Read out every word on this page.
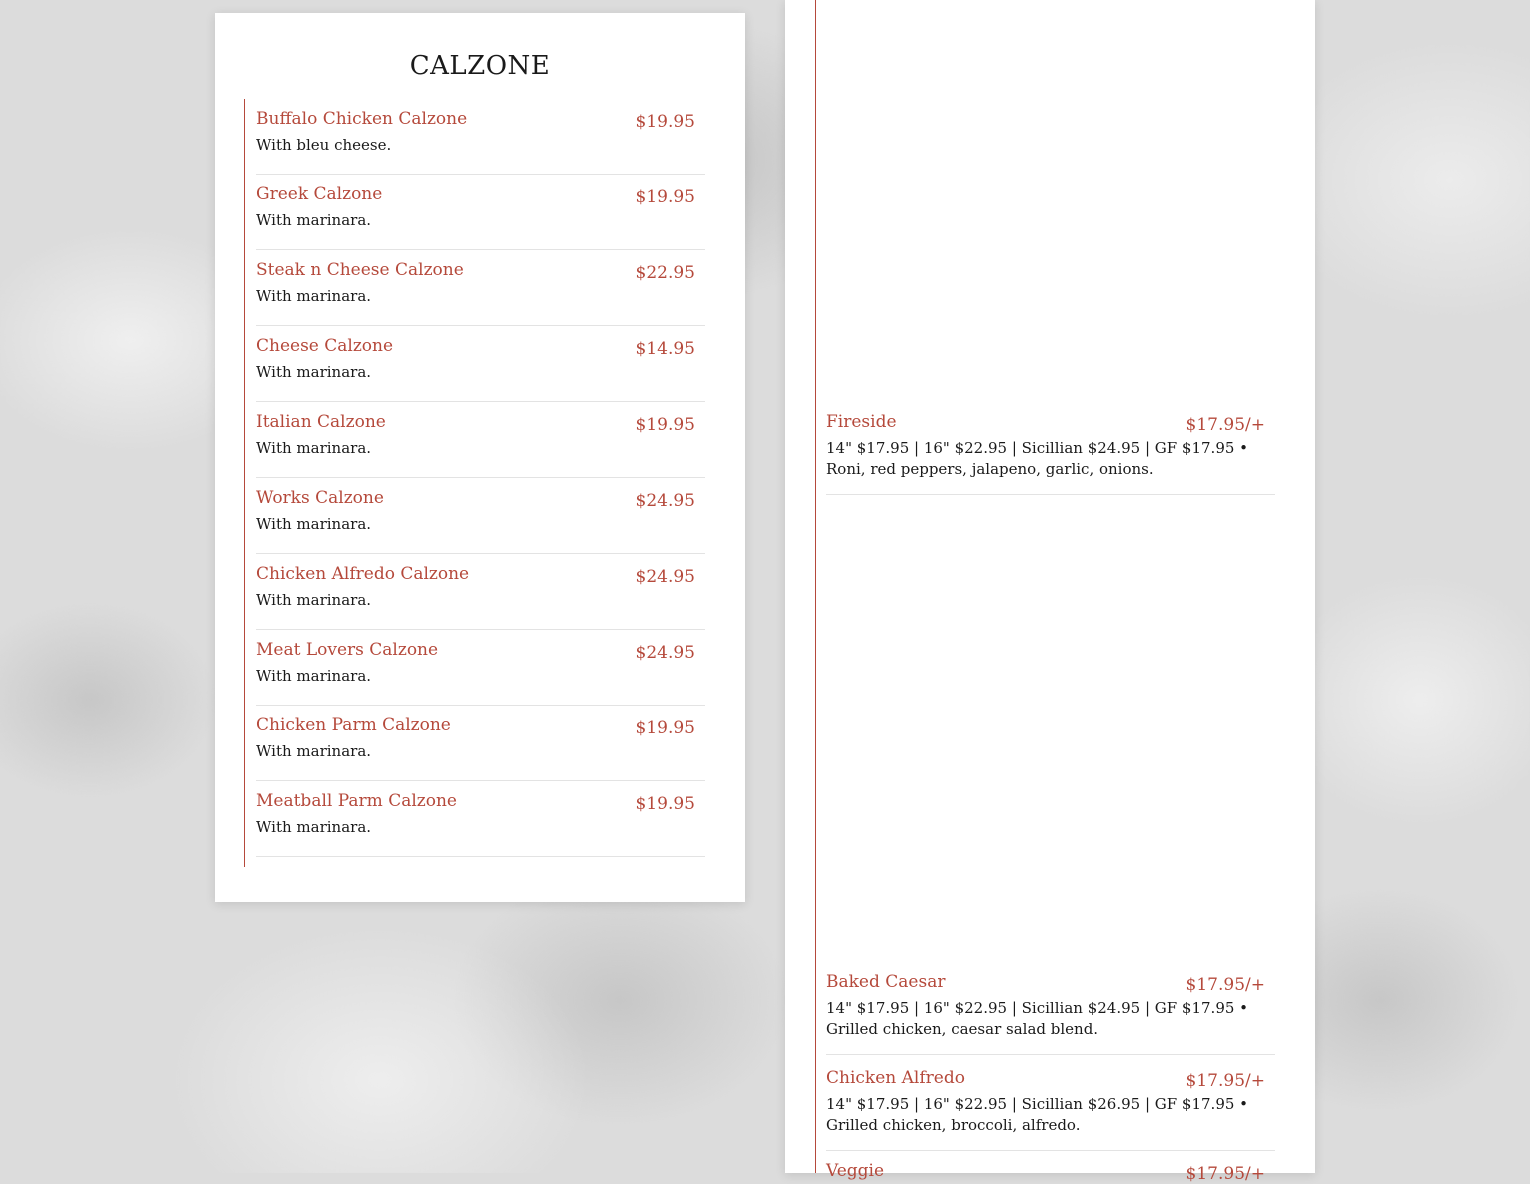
CALZONE
Buffalo Chicken Calzone	$19.95
With bleu cheese.
Greek Calzone	$19.95
With marinara.
Steak n Cheese Calzone	$22.95
With marinara.
Cheese Calzone	$14.95
With marinara.
Italian Calzone	$19.95
With marinara.
Works Calzone	$24.95
With marinara.
Chicken Alfredo Calzone	$24.95
With marinara.
Meat Lovers Calzone	$24.95
With marinara.
Chicken Parm Calzone	$19.95
With marinara.
Meatball Parm Calzone	$19.95
With marinara.
Fireside	$17.95/+
14" $17.95 | 16" $22.95 | Sicillian $24.95 | GF $17.95 • Roni, red peppers, jalapeno, garlic, onions.
Baked Caesar	$17.95/+
14" $17.95 | 16" $22.95 | Sicillian $24.95 | GF $17.95 • Grilled chicken, caesar salad blend.
Chicken Alfredo	$17.95/+
14" $17.95 | 16" $22.95 | Sicillian $26.95 | GF $17.95 • Grilled chicken, broccoli, alfredo.
Veggie	$17.95/+
